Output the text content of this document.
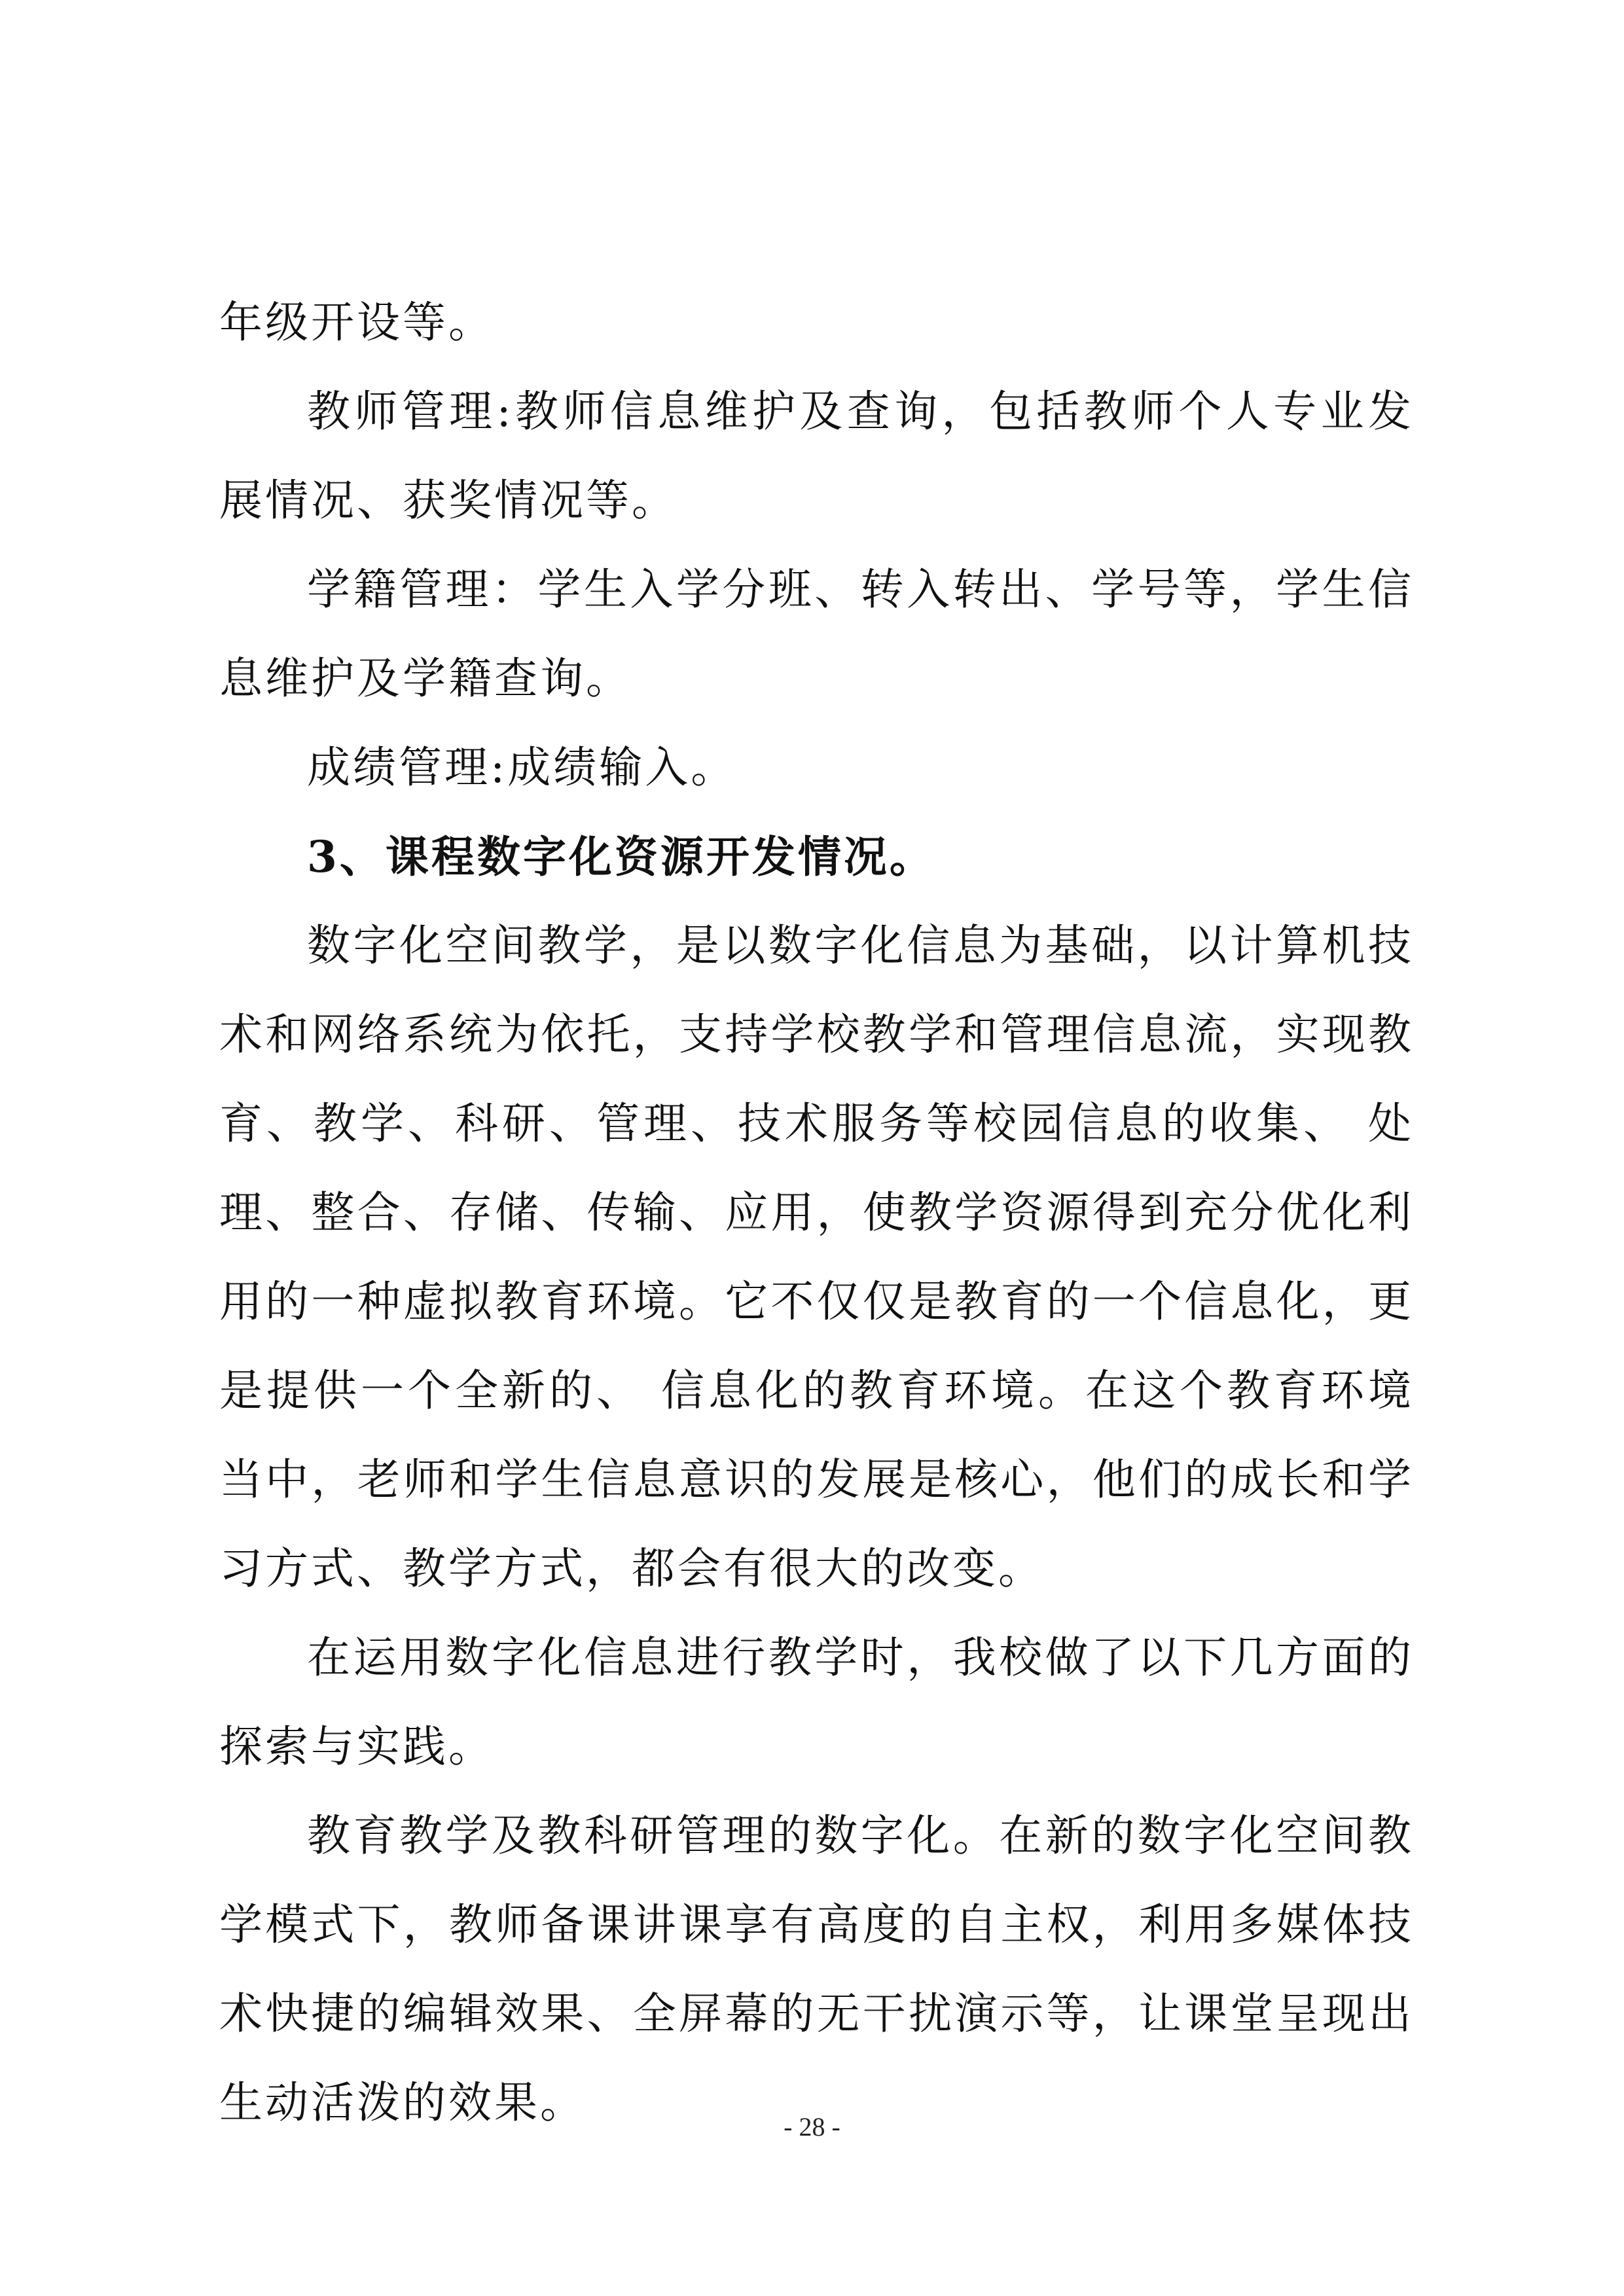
年级开设等。

教师管理:教师信息维护及查询，包括教师个人专业发展情况、获奖情况等。

学籍管理：学生入学分班、转入转出、学号等，学生信息维护及学籍查询。

成绩管理:成绩输入。

3、课程数字化资源开发情况。

数字化空间教学，是以数字化信息为基础，以计算机技术和网络系统为依托，支持学校教学和管理信息流，实现教育、教学、科研、管理、技术服务等校园信息的收集、 处理、整合、存储、传输、应用，使教学资源得到充分优化利用的一种虚拟教育环境。它不仅仅是教育的一个信息化，更是提供一个全新的、 信息化的教育环境。在这个教育环境当中，老师和学生信息意识的发展是核心，他们的成长和学习方式、教学方式，都会有很大的改变。

在运用数字化信息进行教学时，我校做了以下几方面的探索与实践。

教育教学及教科研管理的数字化。在新的数字化空间教学模式下，教师备课讲课享有高度的自主权，利用多媒体技术快捷的编辑效果、全屏幕的无干扰演示等，让课堂呈现出生动活泼的效果。	- 28 -
